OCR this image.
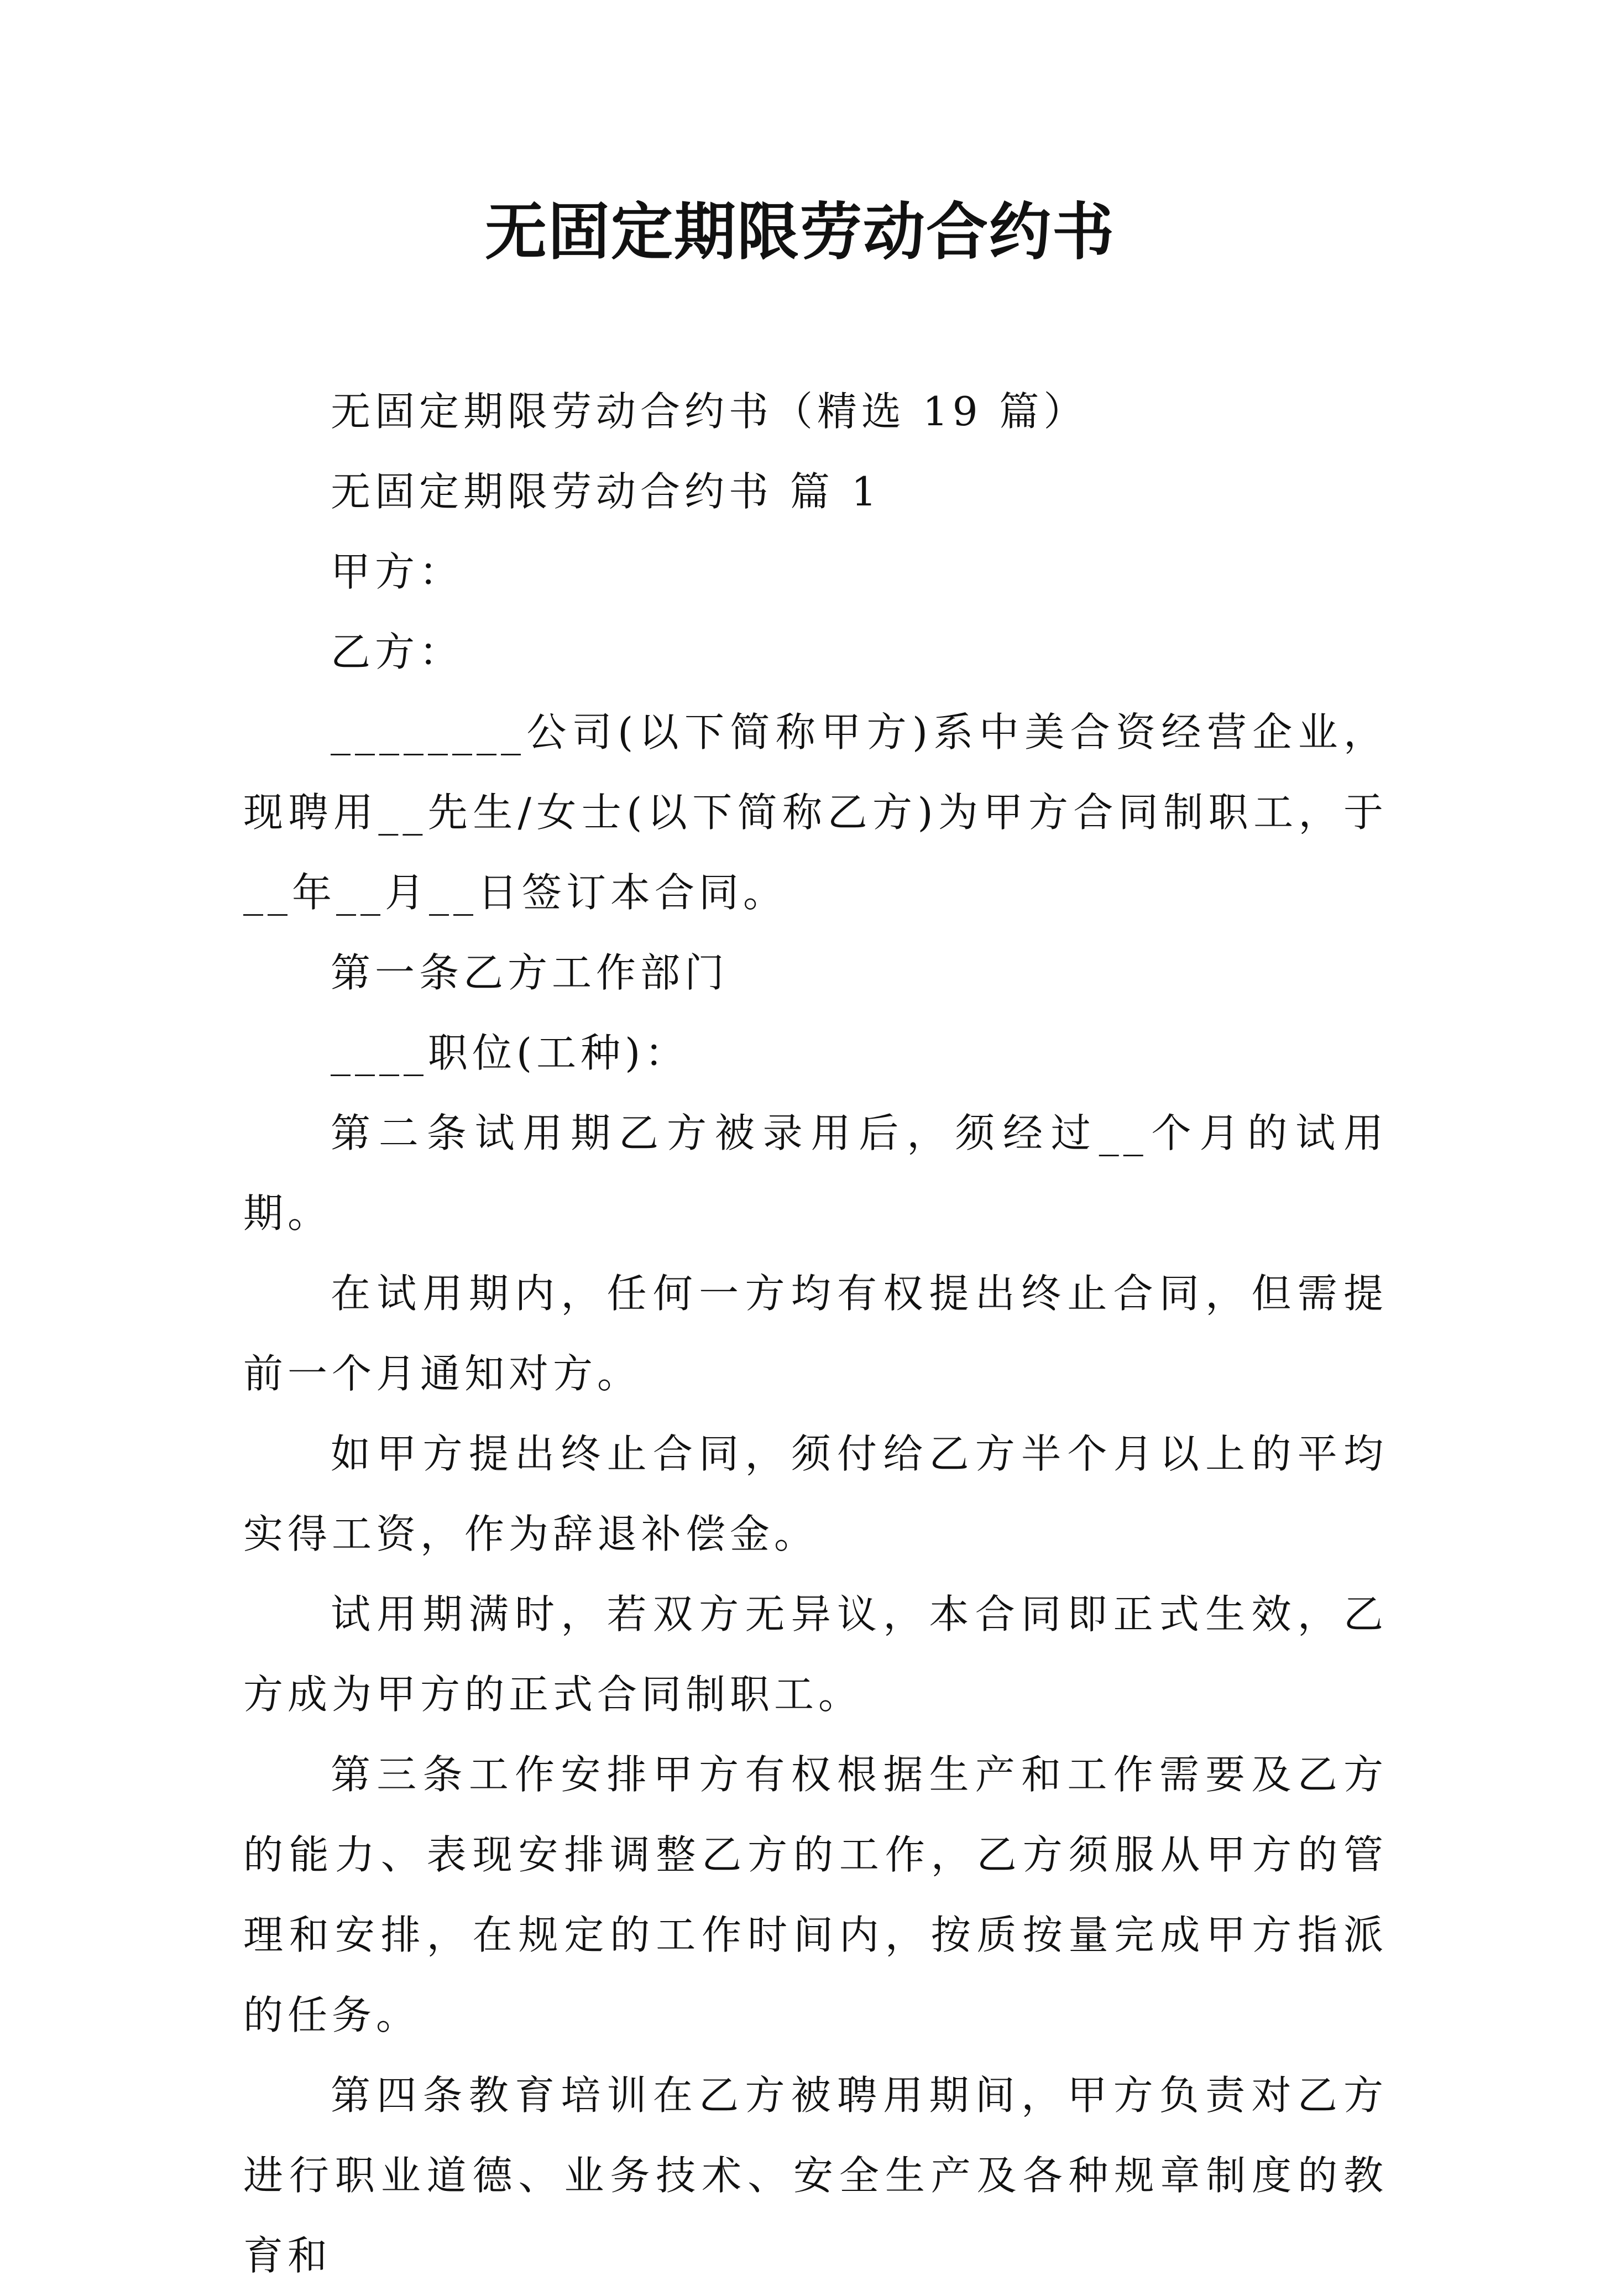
无固定期限劳动合约书

无固定期限劳动合约书（精选 19 篇）

无固定期限劳动合约书 篇 1

甲方：

乙方：

________公司(以下简称甲方)系中美合资经营企业，现聘用__先生/女士(以下简称乙方)为甲方合同制职工，于__年__月__日签订本合同。

第一条乙方工作部门

____职位(工种)：

第二条试用期乙方被录用后，须经过__个月的试用期。

在试用期内，任何一方均有权提出终止合同，但需提前一个月通知对方。

如甲方提出终止合同，须付给乙方半个月以上的平均实得工资，作为辞退补偿金。

试用期满时，若双方无异议，本合同即正式生效，乙方成为甲方的正式合同制职工。

第三条工作安排甲方有权根据生产和工作需要及乙方的能力、表现安排调整乙方的工作，乙方须服从甲方的管理和安排，在规定的工作时间内，按质按量完成甲方指派的任务。

第四条教育培训在乙方被聘用期间，甲方负责对乙方进行职业道德、业务技术、安全生产及各种规章制度的教育和
